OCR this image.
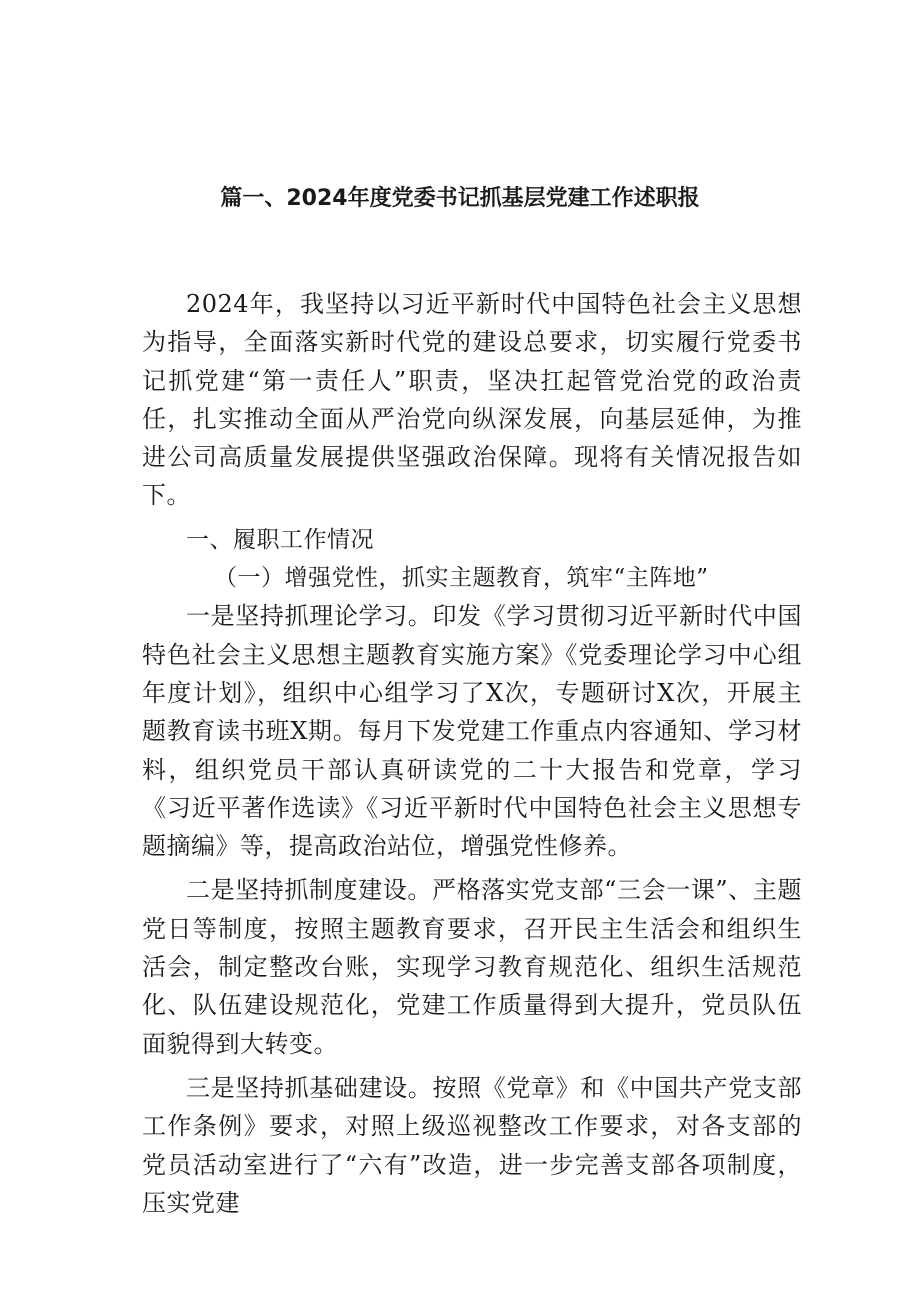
篇一、2024年度党委书记抓基层党建工作述职报

2024年，我坚持以习近平新时代中国特色社会主义思想为指导，全面落实新时代党的建设总要求，切实履行党委书记抓党建“第一责任人”职责，坚决扛起管党治党的政治责任，扎实推动全面从严治党向纵深发展，向基层延伸，为推进公司高质量发展提供坚强政治保障。现将有关情况报告如下。

一、履职工作情况

（一）增强党性，抓实主题教育，筑牢“主阵地”

一是坚持抓理论学习。印发《学习贯彻习近平新时代中国特色社会主义思想主题教育实施方案》《党委理论学习中心组年度计划》，组织中心组学习了X次，专题研讨X次，开展主题教育读书班X期。每月下发党建工作重点内容通知、学习材料，组织党员干部认真研读党的二十大报告和党章，学习《习近平著作选读》《习近平新时代中国特色社会主义思想专题摘编》等，提高政治站位，增强党性修养。

二是坚持抓制度建设。严格落实党支部“三会一课”、主题党日等制度，按照主题教育要求，召开民主生活会和组织生活会，制定整改台账，实现学习教育规范化、组织生活规范化、队伍建设规范化，党建工作质量得到大提升，党员队伍面貌得到大转变。

三是坚持抓基础建设。按照《党章》和《中国共产党支部工作条例》要求，对照上级巡视整改工作要求，对各支部的党员活动室进行了“六有”改造，进一步完善支部各项制度，压实党建
